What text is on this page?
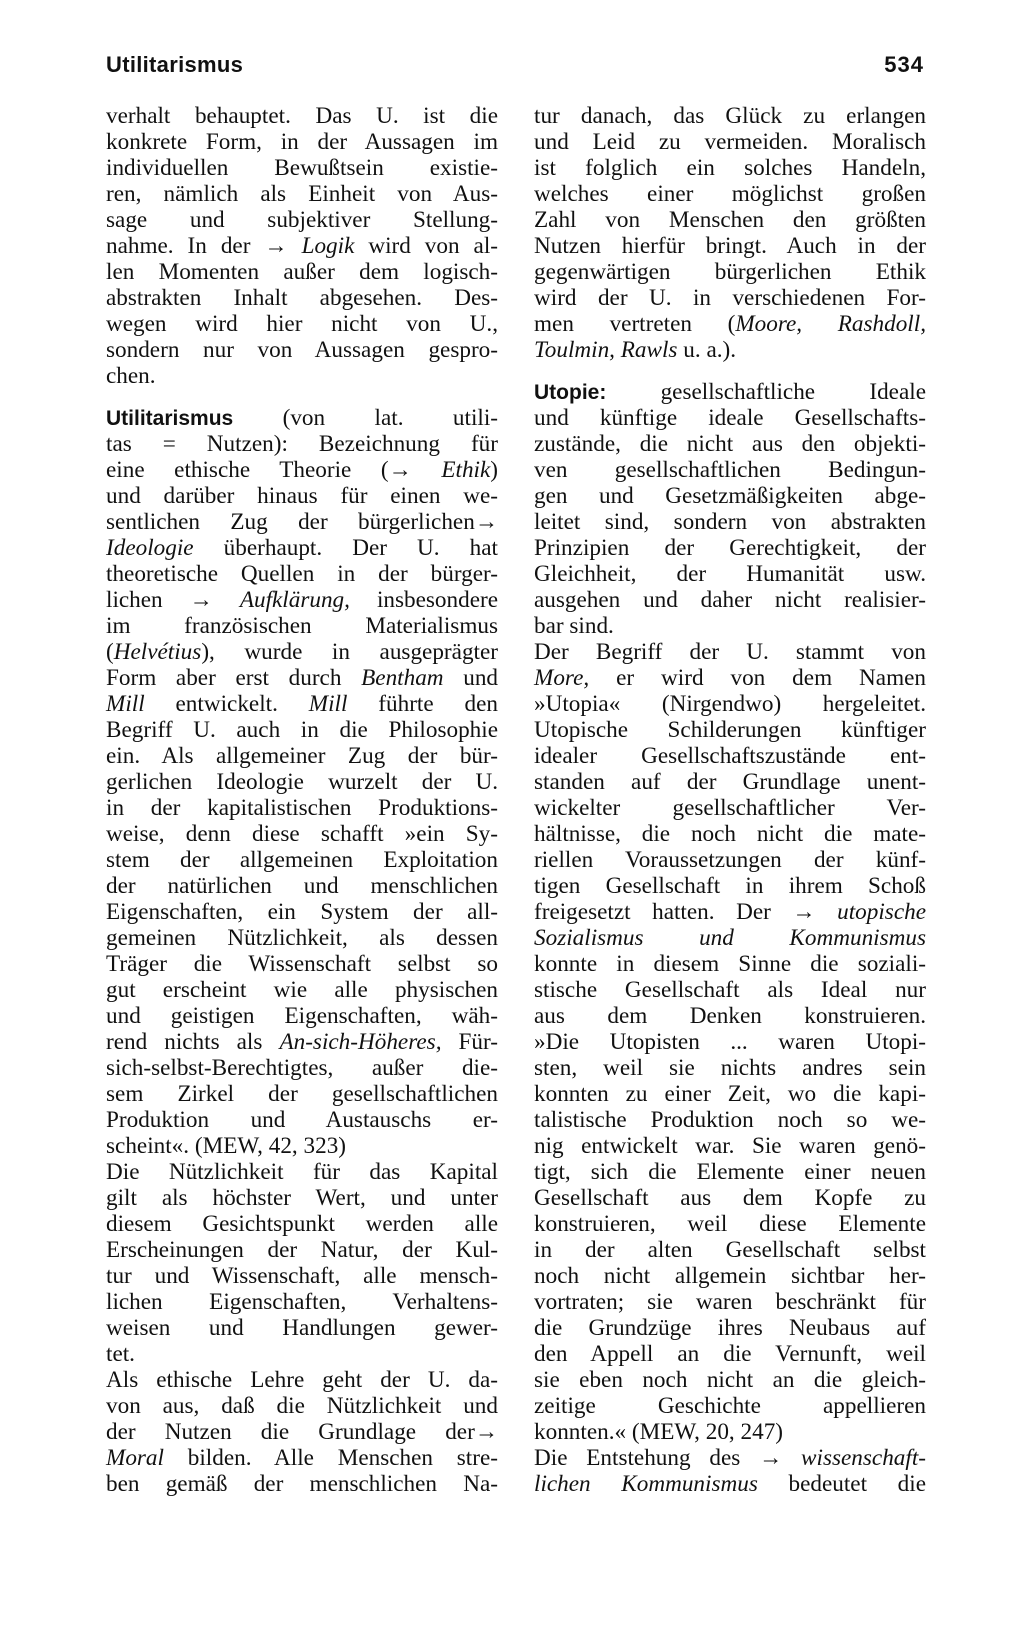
Utilitarismus	534
verhalt behauptet. Das U. ist die
konkrete Form, in der Aussagen im
individuellen Bewußtsein existie-
ren, nämlich als Einheit von Aus-
sage und subjektiver Stellung-
nahme. In der → Logik wird von al-
len Momenten außer dem logisch-
abstrakten Inhalt abgesehen. Des-
wegen wird hier nicht von U.,
sondern nur von Aussagen gespro-
chen.
Utilitarismus (von lat. utili-
tas = Nutzen): Bezeichnung für
eine ethische Theorie (→ Ethik)
und darüber hinaus für einen we-
sentlichen Zug der bürgerlichen→
Ideologie überhaupt. Der U. hat
theoretische Quellen in der bürger-
lichen → Aufklärung, insbesondere
im französischen Materialismus
(Helvétius), wurde in ausgeprägter
Form aber erst durch Bentham und
Mill entwickelt. Mill führte den
Begriff U. auch in die Philosophie
ein. Als allgemeiner Zug der bür-
gerlichen Ideologie wurzelt der U.
in der kapitalistischen Produktions-
weise, denn diese schafft »ein Sy-
stem der allgemeinen Exploitation
der natürlichen und menschlichen
Eigenschaften, ein System der all-
gemeinen Nützlichkeit, als dessen
Träger die Wissenschaft selbst so
gut erscheint wie alle physischen
und geistigen Eigenschaften, wäh-
rend nichts als An-sich-Höheres, Für-
sich-selbst-Berechtigtes, außer die-
sem Zirkel der gesellschaftlichen
Produktion und Austauschs er-
scheint«. (MEW, 42, 323)
Die Nützlichkeit für das Kapital
gilt als höchster Wert, und unter
diesem Gesichtspunkt werden alle
Erscheinungen der Natur, der Kul-
tur und Wissenschaft, alle mensch-
lichen Eigenschaften, Verhaltens-
weisen und Handlungen gewer-
tet.
Als ethische Lehre geht der U. da-
von aus, daß die Nützlichkeit und
der Nutzen die Grundlage der→
Moral bilden. Alle Menschen stre-
ben gemäß der menschlichen Na-
tur danach, das Glück zu erlangen
und Leid zu vermeiden. Moralisch
ist folglich ein solches Handeln,
welches einer möglichst großen
Zahl von Menschen den größten
Nutzen hierfür bringt. Auch in der
gegenwärtigen bürgerlichen Ethik
wird der U. in verschiedenen For-
men vertreten (Moore, Rashdoll,
Toulmin, Rawls u. a.).
Utopie: gesellschaftliche Ideale
und künftige ideale Gesellschafts-
zustände, die nicht aus den objekti-
ven gesellschaftlichen Bedingun-
gen und Gesetzmäßigkeiten abge-
leitet sind, sondern von abstrakten
Prinzipien der Gerechtigkeit, der
Gleichheit, der Humanität usw.
ausgehen und daher nicht realisier-
bar sind.
Der Begriff der U. stammt von
More, er wird von dem Namen
»Utopia« (Nirgendwo) hergeleitet.
Utopische Schilderungen künftiger
idealer Gesellschaftszustände ent-
standen auf der Grundlage unent-
wickelter gesellschaftlicher Ver-
hältnisse, die noch nicht die mate-
riellen Voraussetzungen der künf-
tigen Gesellschaft in ihrem Schoß
freigesetzt hatten. Der → utopische
Sozialismus und Kommunismus
konnte in diesem Sinne die soziali-
stische Gesellschaft als Ideal nur
aus dem Denken konstruieren.
»Die Utopisten ... waren Utopi-
sten, weil sie nichts andres sein
konnten zu einer Zeit, wo die kapi-
talistische Produktion noch so we-
nig entwickelt war. Sie waren genö-
tigt, sich die Elemente einer neuen
Gesellschaft aus dem Kopfe zu
konstruieren, weil diese Elemente
in der alten Gesellschaft selbst
noch nicht allgemein sichtbar her-
vortraten; sie waren beschränkt für
die Grundzüge ihres Neubaus auf
den Appell an die Vernunft, weil
sie eben noch nicht an die gleich-
zeitige Geschichte appellieren
konnten.« (MEW, 20, 247)
Die Entstehung des → wissenschaft-
lichen Kommunismus bedeutet die
